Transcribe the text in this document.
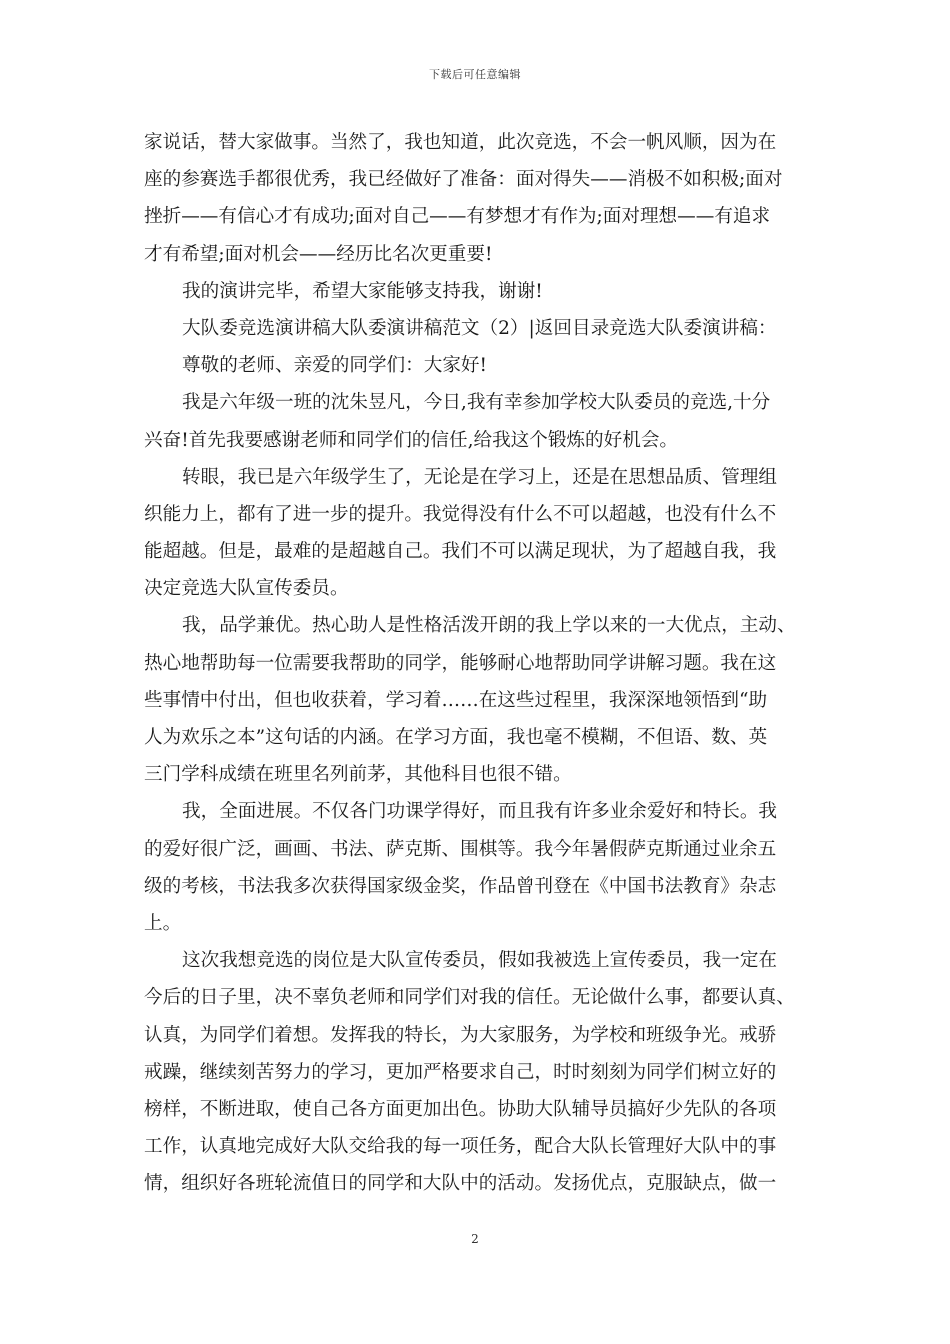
下载后可任意编辑
家说话，替大家做事。当然了，我也知道，此次竞选，不会一帆风顺，因为在
座的参赛选手都很优秀，我已经做好了准备：面对得失——消极不如积极;面对
挫折——有信心才有成功;面对自己——有梦想才有作为;面对理想——有追求
才有希望;面对机会——经历比名次更重要!
我的演讲完毕，希望大家能够支持我，谢谢!
大队委竞选演讲稿大队委演讲稿范文（2）|返回目录竞选大队委演讲稿：
尊敬的老师、亲爱的同学们：大家好!
我是六年级一班的沈朱昱凡，今日,我有幸参加学校大队委员的竞选,十分
兴奋!首先我要感谢老师和同学们的信任,给我这个锻炼的好机会。
转眼，我已是六年级学生了，无论是在学习上，还是在思想品质、管理组
织能力上，都有了进一步的提升。我觉得没有什么不可以超越，也没有什么不
能超越。但是，最难的是超越自己。我们不可以满足现状，为了超越自我，我
决定竞选大队宣传委员。
我，品学兼优。热心助人是性格活泼开朗的我上学以来的一大优点，主动、
热心地帮助每一位需要我帮助的同学，能够耐心地帮助同学讲解习题。我在这
些事情中付出，但也收获着，学习着……在这些过程里，我深深地领悟到“助
人为欢乐之本”这句话的内涵。在学习方面，我也毫不模糊，不但语、数、英
三门学科成绩在班里名列前茅，其他科目也很不错。
我，全面进展。不仅各门功课学得好，而且我有许多业余爱好和特长。我
的爱好很广泛，画画、书法、萨克斯、围棋等。我今年暑假萨克斯通过业余五
级的考核，书法我多次获得国家级金奖，作品曾刊登在《中国书法教育》杂志
上。
这次我想竞选的岗位是大队宣传委员，假如我被选上宣传委员，我一定在
今后的日子里，决不辜负老师和同学们对我的信任。无论做什么事，都要认真、
认真，为同学们着想。发挥我的特长，为大家服务，为学校和班级争光。戒骄
戒躁，继续刻苦努力的学习，更加严格要求自己，时时刻刻为同学们树立好的
榜样，不断进取，使自己各方面更加出色。协助大队辅导员搞好少先队的各项
工作，认真地完成好大队交给我的每一项任务，配合大队长管理好大队中的事
情，组织好各班轮流值日的同学和大队中的活动。发扬优点，克服缺点，做一
2
